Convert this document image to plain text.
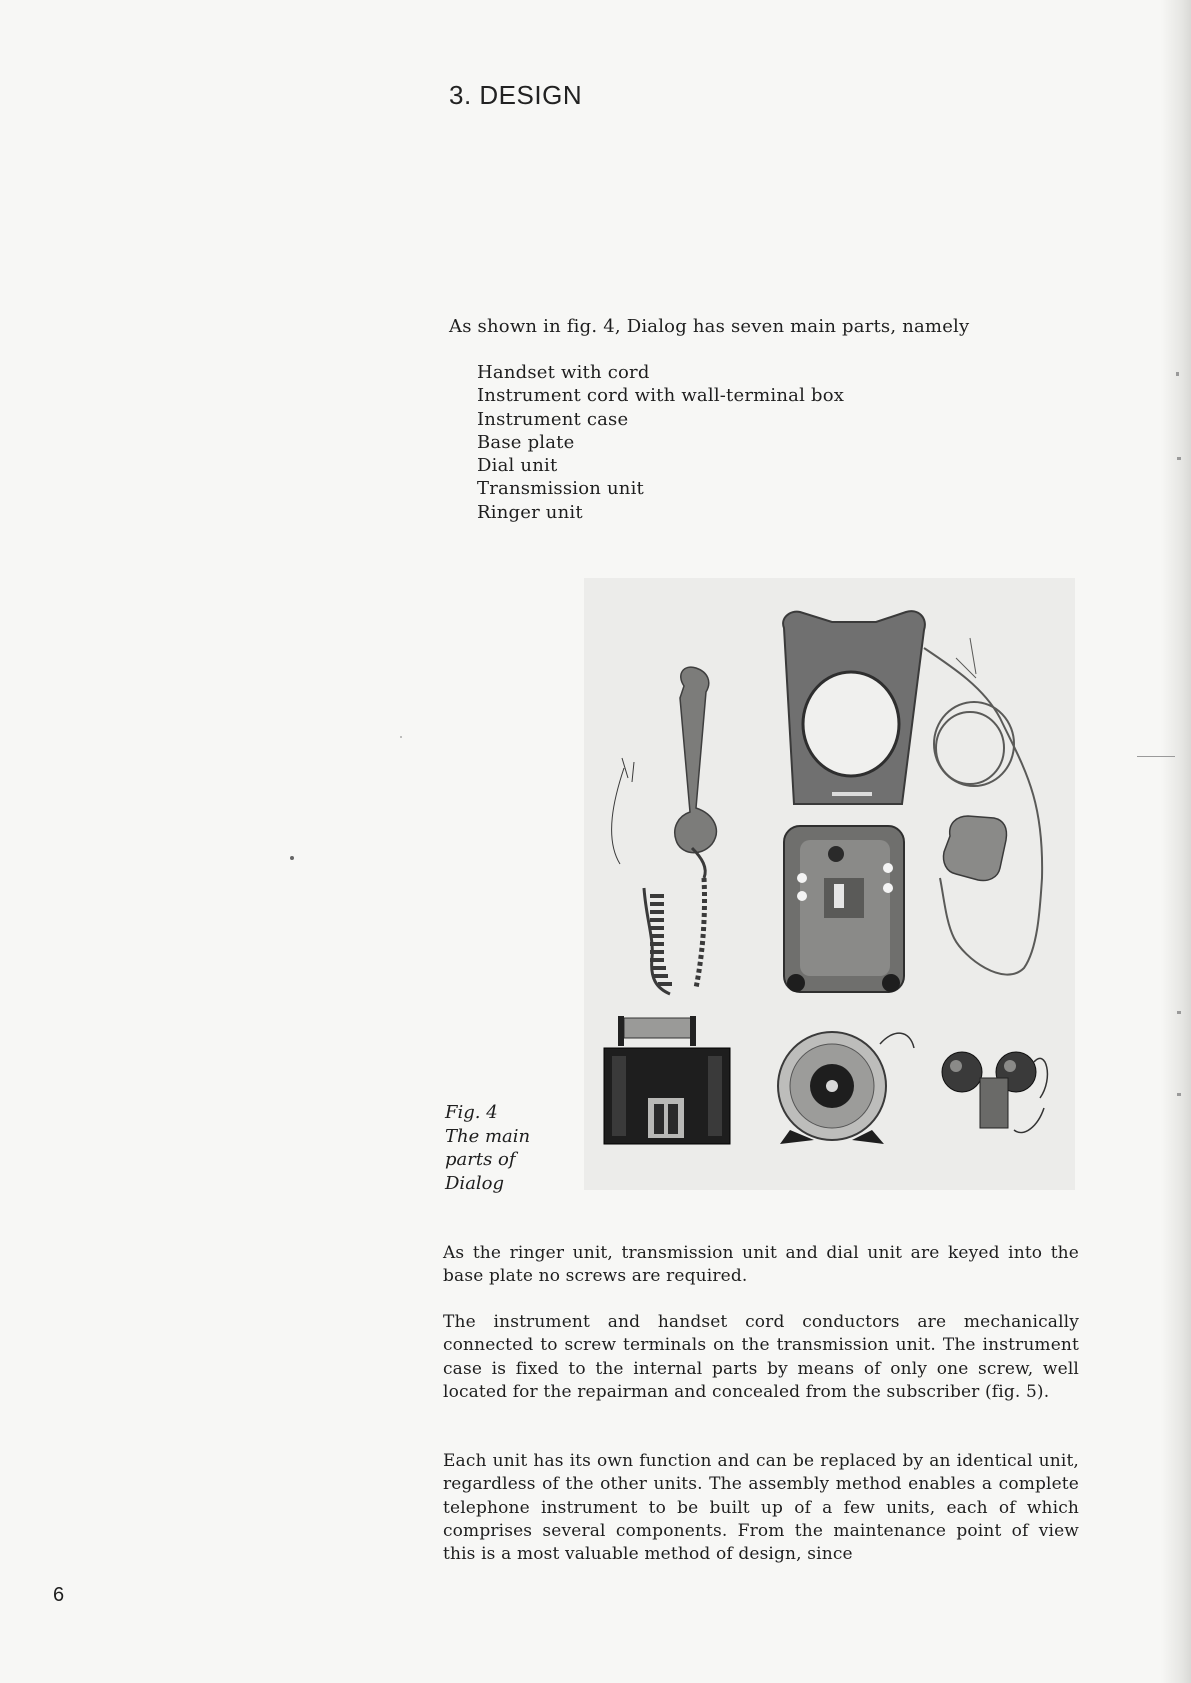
3. DESIGN

As shown in fig. 4, Dialog has seven main parts, namely

Handset with cord
Instrument cord with wall-terminal box
Instrument case
Base plate
Dial unit
Transmission unit
Ringer unit
Fig. 4
The main
parts of
Dialog

As the ringer unit, transmission unit and dial unit are keyed into the base plate no screws are required.

The instrument and handset cord conductors are mechanically connected to screw terminals on the transmission unit. The instrument case is fixed to the internal parts by means of only one screw, well located for the repairman and concealed from the subscriber (fig. 5).

Each unit has its own function and can be replaced by an identical unit, regardless of the other units. The assembly method enables a complete telephone instrument to be built up of a few units, each of which comprises several components. From the maintenance point of view this is a most valuable method of design, since

6
